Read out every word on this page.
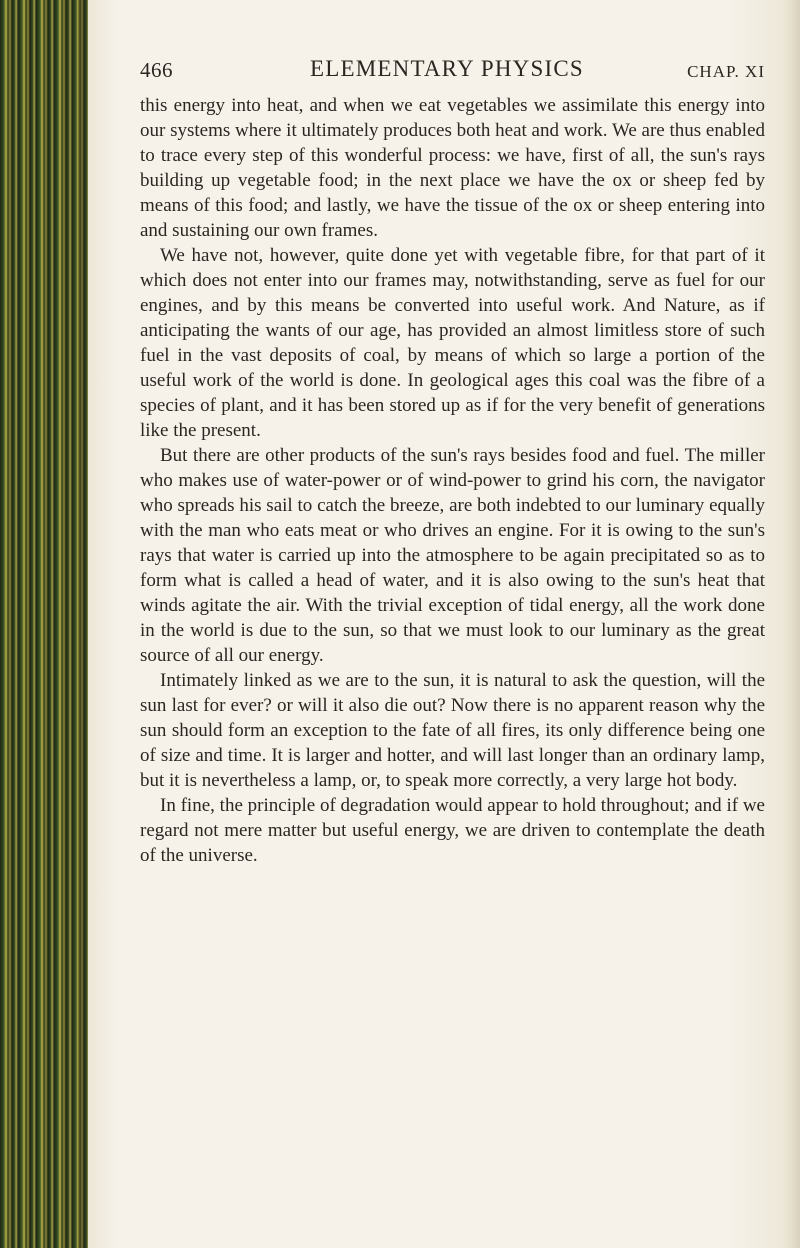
466	ELEMENTARY PHYSICS	CHAP. XI

this energy into heat, and when we eat vegetables we assimilate this energy into our systems where it ultimately produces both heat and work. We are thus enabled to trace every step of this wonderful process: we have, first of all, the sun's rays building up vegetable food; in the next place we have the ox or sheep fed by means of this food; and lastly, we have the tissue of the ox or sheep entering into and sustaining our own frames.

We have not, however, quite done yet with vegetable fibre, for that part of it which does not enter into our frames may, notwithstanding, serve as fuel for our engines, and by this means be converted into useful work. And Nature, as if anticipating the wants of our age, has provided an almost limitless store of such fuel in the vast deposits of coal, by means of which so large a portion of the useful work of the world is done. In geological ages this coal was the fibre of a species of plant, and it has been stored up as if for the very benefit of generations like the present.

But there are other products of the sun's rays besides food and fuel. The miller who makes use of water-power or of wind-power to grind his corn, the navigator who spreads his sail to catch the breeze, are both indebted to our luminary equally with the man who eats meat or who drives an engine. For it is owing to the sun's rays that water is carried up into the atmosphere to be again precipitated so as to form what is called a head of water, and it is also owing to the sun's heat that winds agitate the air. With the trivial exception of tidal energy, all the work done in the world is due to the sun, so that we must look to our luminary as the great source of all our energy.

Intimately linked as we are to the sun, it is natural to ask the question, will the sun last for ever? or will it also die out? Now there is no apparent reason why the sun should form an exception to the fate of all fires, its only difference being one of size and time. It is larger and hotter, and will last longer than an ordinary lamp, but it is nevertheless a lamp, or, to speak more correctly, a very large hot body.

In fine, the principle of degradation would appear to hold throughout; and if we regard not mere matter but useful energy, we are driven to contemplate the death of the universe.
